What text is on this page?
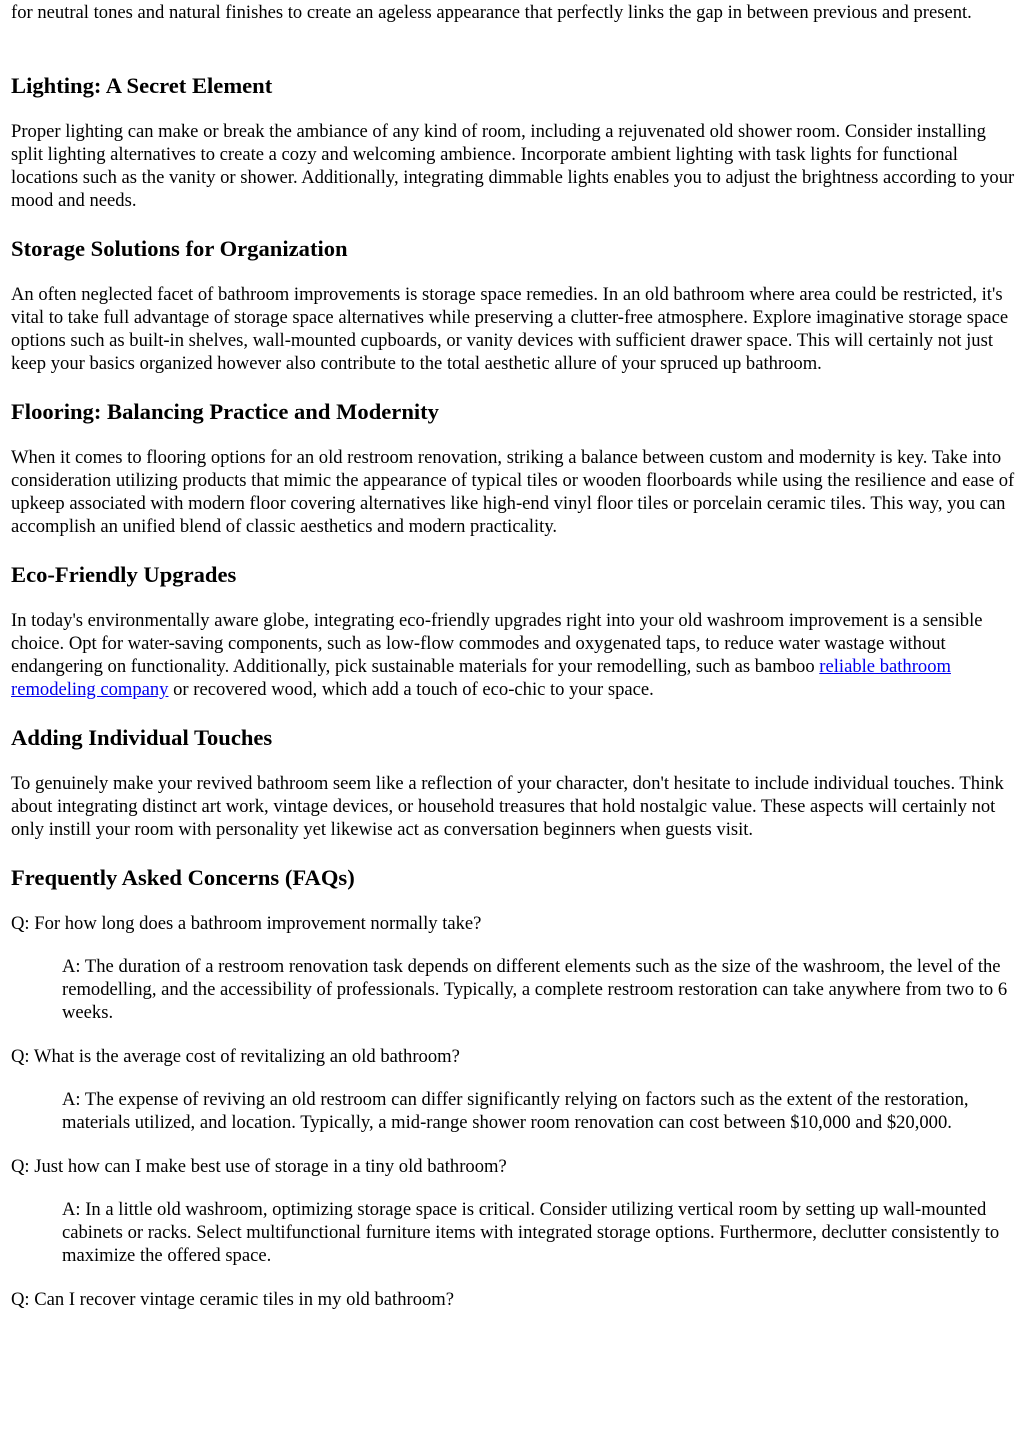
for neutral tones and natural finishes to create an ageless appearance that perfectly links the gap in between previous and present.

Lighting: A Secret Element

Proper lighting can make or break the ambiance of any kind of room, including a rejuvenated old shower room. Consider installing split lighting alternatives to create a cozy and welcoming ambience. Incorporate ambient lighting with task lights for functional locations such as the vanity or shower. Additionally, integrating dimmable lights enables you to adjust the brightness according to your mood and needs.

Storage Solutions for Organization

An often neglected facet of bathroom improvements is storage space remedies. In an old bathroom where area could be restricted, it's vital to take full advantage of storage space alternatives while preserving a clutter-free atmosphere. Explore imaginative storage space options such as built-in shelves, wall-mounted cupboards, or vanity devices with sufficient drawer space. This will certainly not just keep your basics organized however also contribute to the total aesthetic allure of your spruced up bathroom.

Flooring: Balancing Practice and Modernity

When it comes to flooring options for an old restroom renovation, striking a balance between custom and modernity is key. Take into consideration utilizing products that mimic the appearance of typical tiles or wooden floorboards while using the resilience and ease of upkeep associated with modern floor covering alternatives like high-end vinyl floor tiles or porcelain ceramic tiles. This way, you can accomplish an unified blend of classic aesthetics and modern practicality.

Eco-Friendly Upgrades

In today's environmentally aware globe, integrating eco-friendly upgrades right into your old washroom improvement is a sensible choice. Opt for water-saving components, such as low-flow commodes and oxygenated taps, to reduce water wastage without endangering on functionality. Additionally, pick sustainable materials for your remodelling, such as bamboo reliable bathroom remodeling company or recovered wood, which add a touch of eco-chic to your space.

Adding Individual Touches

To genuinely make your revived bathroom seem like a reflection of your character, don't hesitate to include individual touches. Think about integrating distinct art work, vintage devices, or household treasures that hold nostalgic value. These aspects will certainly not only instill your room with personality yet likewise act as conversation beginners when guests visit.

Frequently Asked Concerns (FAQs)

Q: For how long does a bathroom improvement normally take?

A: The duration of a restroom renovation task depends on different elements such as the size of the washroom, the level of the remodelling, and the accessibility of professionals. Typically, a complete restroom restoration can take anywhere from two to 6 weeks.

Q: What is the average cost of revitalizing an old bathroom?

A: The expense of reviving an old restroom can differ significantly relying on factors such as the extent of the restoration, materials utilized, and location. Typically, a mid-range shower room renovation can cost between $10,000 and $20,000.

Q: Just how can I make best use of storage in a tiny old bathroom?

A: In a little old washroom, optimizing storage space is critical. Consider utilizing vertical room by setting up wall-mounted cabinets or racks. Select multifunctional furniture items with integrated storage options. Furthermore, declutter consistently to maximize the offered space.

Q: Can I recover vintage ceramic tiles in my old bathroom?
